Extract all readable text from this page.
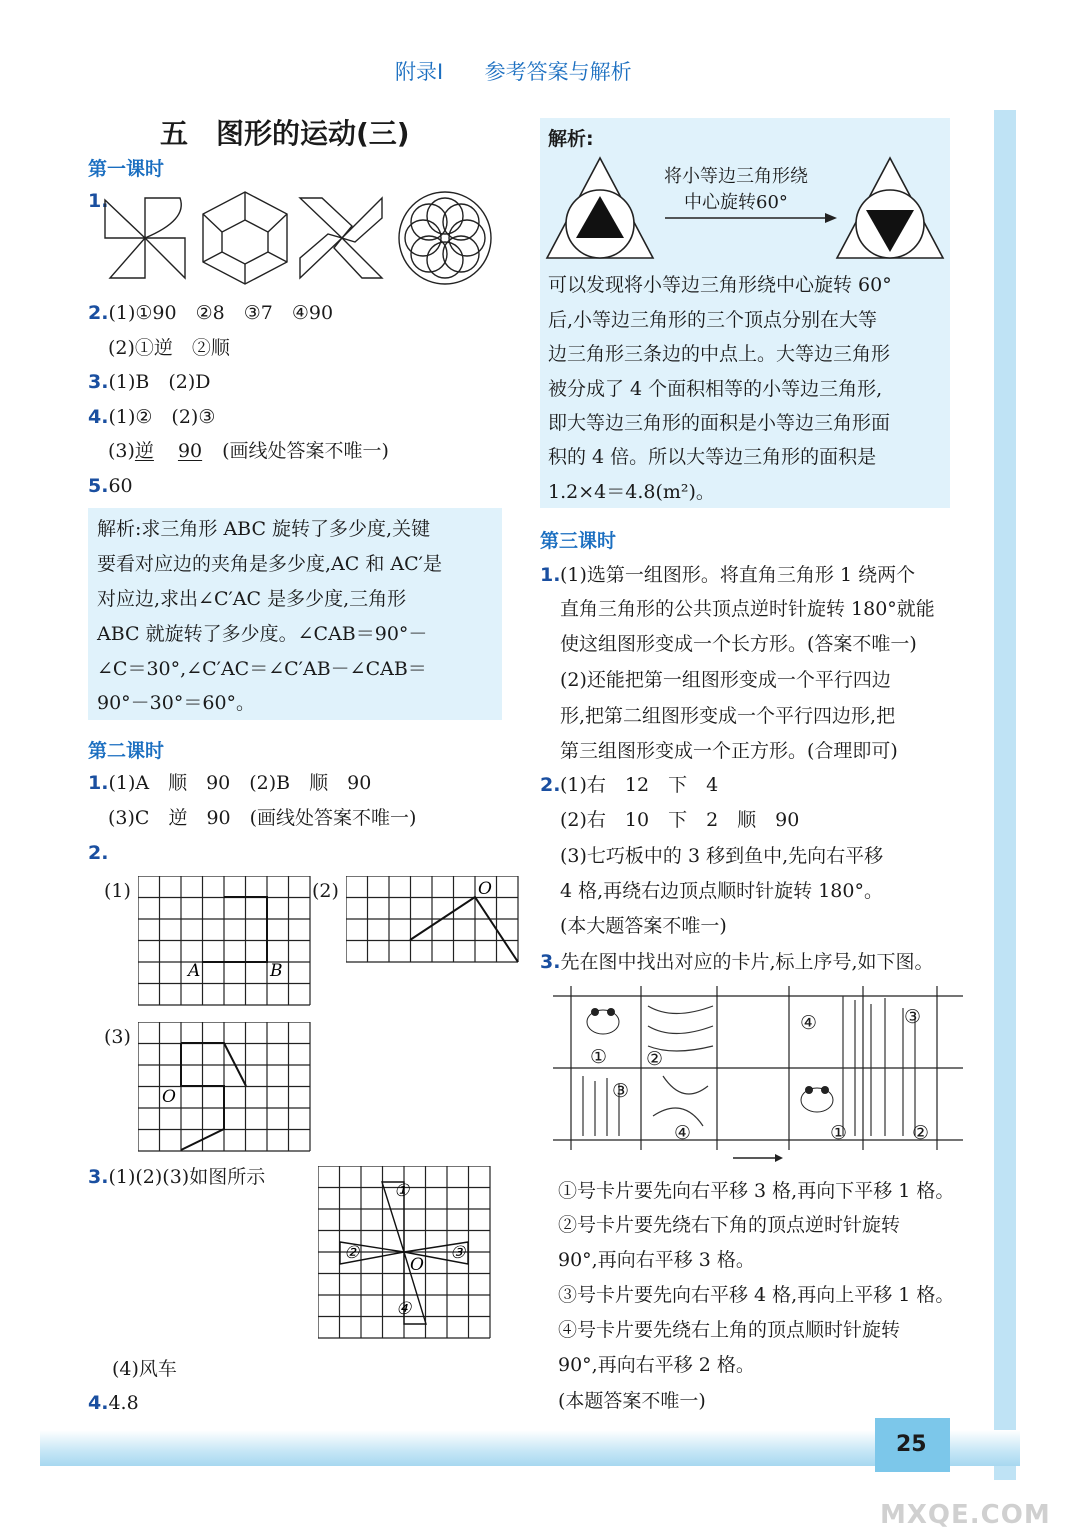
附录Ⅰ 参考答案与解析
五　图形的运动(三)
第一课时
1.
2.(1)①90　②8　③7　④90
(2)①逆　②顺
3.(1)B　(2)D
4.(1)②　(2)③
(3)逆 90 (画线处答案不唯一)
5.60
解析:求三角形 ABC 旋转了多少度,关键
要看对应边的夹角是多少度,AC 和 AC′是
对应边,求出∠C′AC 是多少度,三角形
ABC 就旋转了多少度。∠CAB＝90°－
∠C＝30°,∠C′AC＝∠C′AB－∠CAB＝
90°－30°＝60°。
第二课时
1.(1)A　顺　90　(2)B　顺　90
(3)C　逆　90　(画线处答案不唯一)
2.
(1)
A	B
(2)	O
(3)
O
3.(1)(2)(3)如图所示
①
②	③
④
O
(4)风车
4.4.8
解析:
将小等边三角形绕
中心旋转60°
可以发现将小等边三角形绕中心旋转 60°
后,小等边三角形的三个顶点分别在大等
边三角形三条边的中点上。大等边三角形
被分成了 4 个面积相等的小等边三角形,
即大等边三角形的面积是小等边三角形面
积的 4 倍。所以大等边三角形的面积是
1.2×4＝4.8(m²)。
第三课时
1. (1)选第一组图形。将直角三角形 1 绕两个
直角三角形的公共顶点逆时针旋转 180°就能
使这组图形变成一个长方形。(答案不唯一)
(2)还能把第一组图形变成一个平行四边
形,把第二组图形变成一个平行四边形,把
第三组图形变成一个正方形。(合理即可)
2. (1)右　12　下　4
(2)右　10　下　2　顺　90
(3)七巧板中的 3 移到鱼中,先向右平移
4 格,再绕右边顶点顺时针旋转 180°。
(本大题答案不唯一)
3.先在图中找出对应的卡片,标上序号,如下图。
① ②
③
④
④	③
①	②
①号卡片要先向右平移 3 格,再向下平移 1 格。
②号卡片要先绕右下角的顶点逆时针旋转
90°,再向右平移 3 格。
③号卡片要先向右平移 4 格,再向上平移 1 格。
④号卡片要先绕右上角的顶点顺时针旋转
90°,再向右平移 2 格。
(本题答案不唯一)
25
MXQE.COM
